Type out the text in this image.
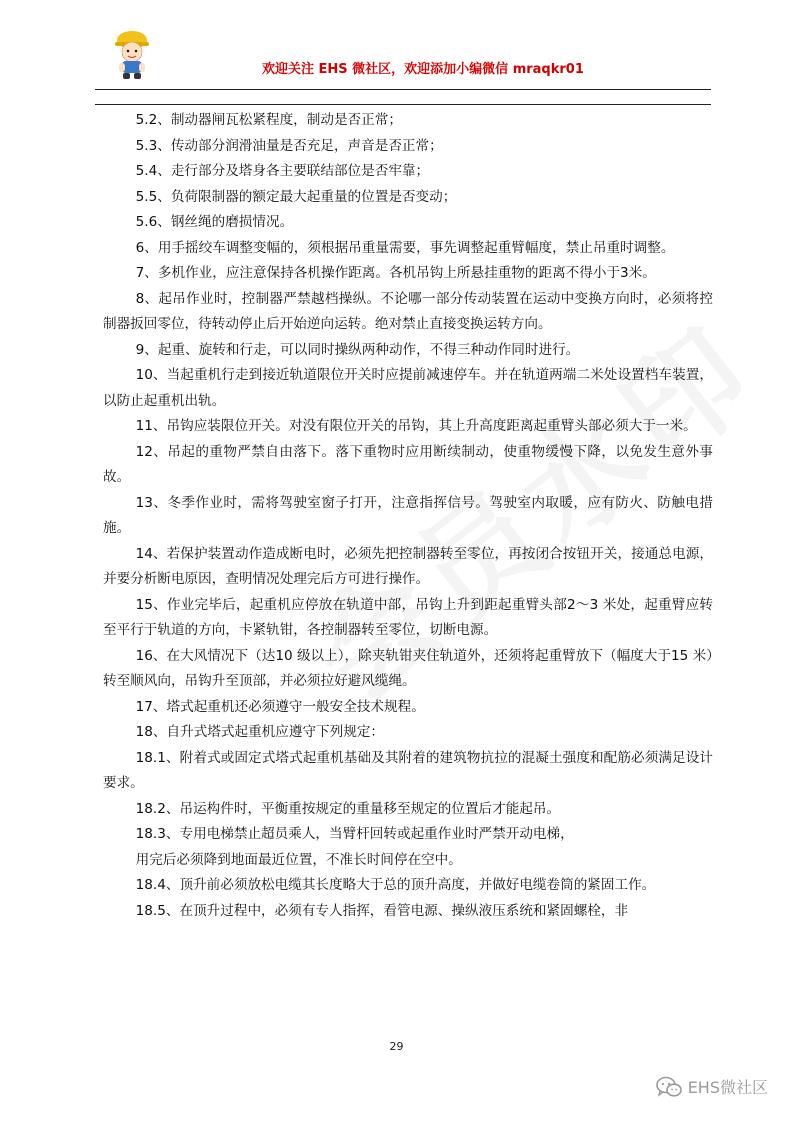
欢迎关注 EHS 微社区，欢迎添加小编微信 mraqkr01

5.2、制动器闸瓦松紧程度，制动是否正常；

5.3、传动部分润滑油量是否充足，声音是否正常；

5.4、走行部分及塔身各主要联结部位是否牢靠；

5.5、负荷限制器的额定最大起重量的位置是否变动；

5.6、钢丝绳的磨损情况。

6、用手摇绞车调整变幅的，须根据吊重量需要，事先调整起重臂幅度，禁止吊重时调整。

7、多机作业，应注意保持各机操作距离。各机吊钩上所悬挂重物的距离不得小于3米。

8、起吊作业时，控制器严禁越档操纵。不论哪一部分传动装置在运动中变换方向时，必须将控制器扳回零位，待转动停止后开始逆向运转。绝对禁止直接变换运转方向。

9、起重、旋转和行走，可以同时操纵两种动作，不得三种动作同时进行。

10、当起重机行走到接近轨道限位开关时应提前减速停车。并在轨道两端二米处设置档车装置，以防止起重机出轨。

11、吊钩应装限位开关。对没有限位开关的吊钩，其上升高度距离起重臂头部必须大于一米。

12、吊起的重物严禁自由落下。落下重物时应用断续制动，使重物缓慢下降，以免发生意外事故。

13、冬季作业时，需将驾驶室窗子打开，注意指挥信号。驾驶室内取暖，应有防火、防触电措施。

14、若保护装置动作造成断电时，必须先把控制器转至零位，再按闭合按钮开关，接通总电源，并要分析断电原因，查明情况处理完后方可进行操作。

15、作业完毕后，起重机应停放在轨道中部，吊钩上升到距起重臂头部2～3 米处，起重臂应转至平行于轨道的方向，卡紧轨钳，各控制器转至零位，切断电源。

16、在大风情况下（达10 级以上），除夹轨钳夹住轨道外，还须将起重臂放下（幅度大于15 米）转至顺风向，吊钩升至顶部，并必须拉好避风缆绳。

17、塔式起重机还必须遵守一般安全技术规程。

18、自升式塔式起重机应遵守下列规定：

18.1、附着式或固定式塔式起重机基础及其附着的建筑物抗拉的混凝土强度和配筋必须满足设计要求。

18.2、吊运构件时，平衡重按规定的重量移至规定的位置后才能起吊。

18.3、专用电梯禁止超员乘人，当臂杆回转或起重作业时严禁开动电梯，

用完后必须降到地面最近位置，不准长时间停在空中。

18.4、顶升前必须放松电缆其长度略大于总的顶升高度，并做好电缆卷筒的紧固工作。

18.5、在顶升过程中，必须有专人指挥，看管电源、操纵液压系统和紧固螺栓，非

29
EHS微社区
